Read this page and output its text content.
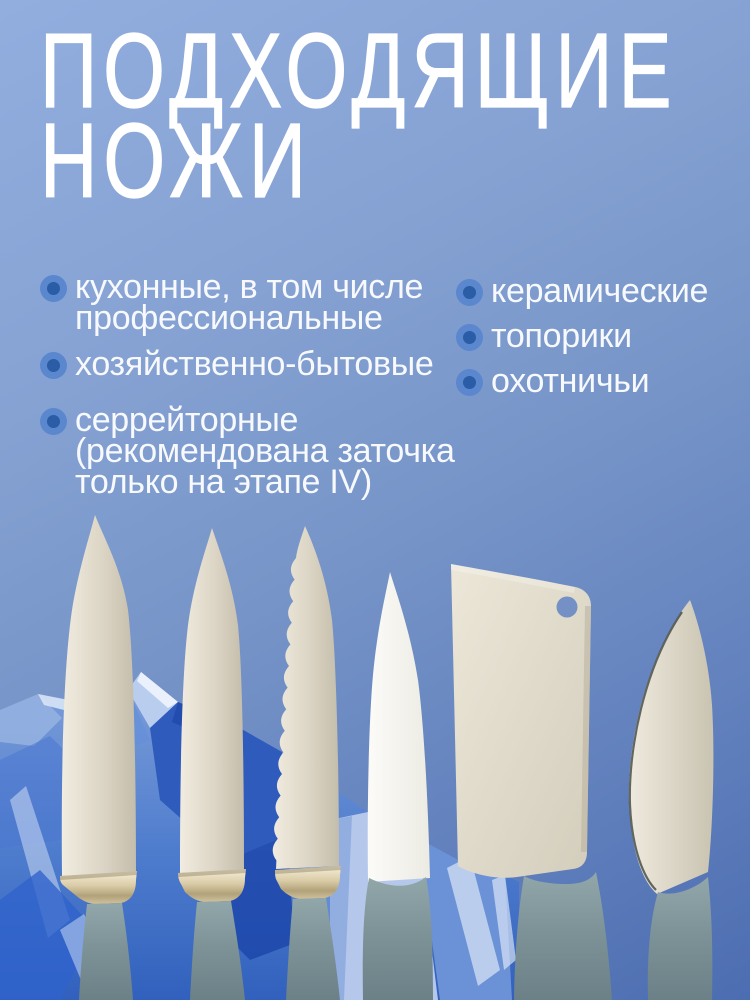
ПОДХОДЯЩИЕ
НОЖИ
кухонные, в том числе
профессиональные
хозяйственно-бытовые
серрейторные
(рекомендована заточка
только на этапе IV)
керамические
топорики
охотничьи
